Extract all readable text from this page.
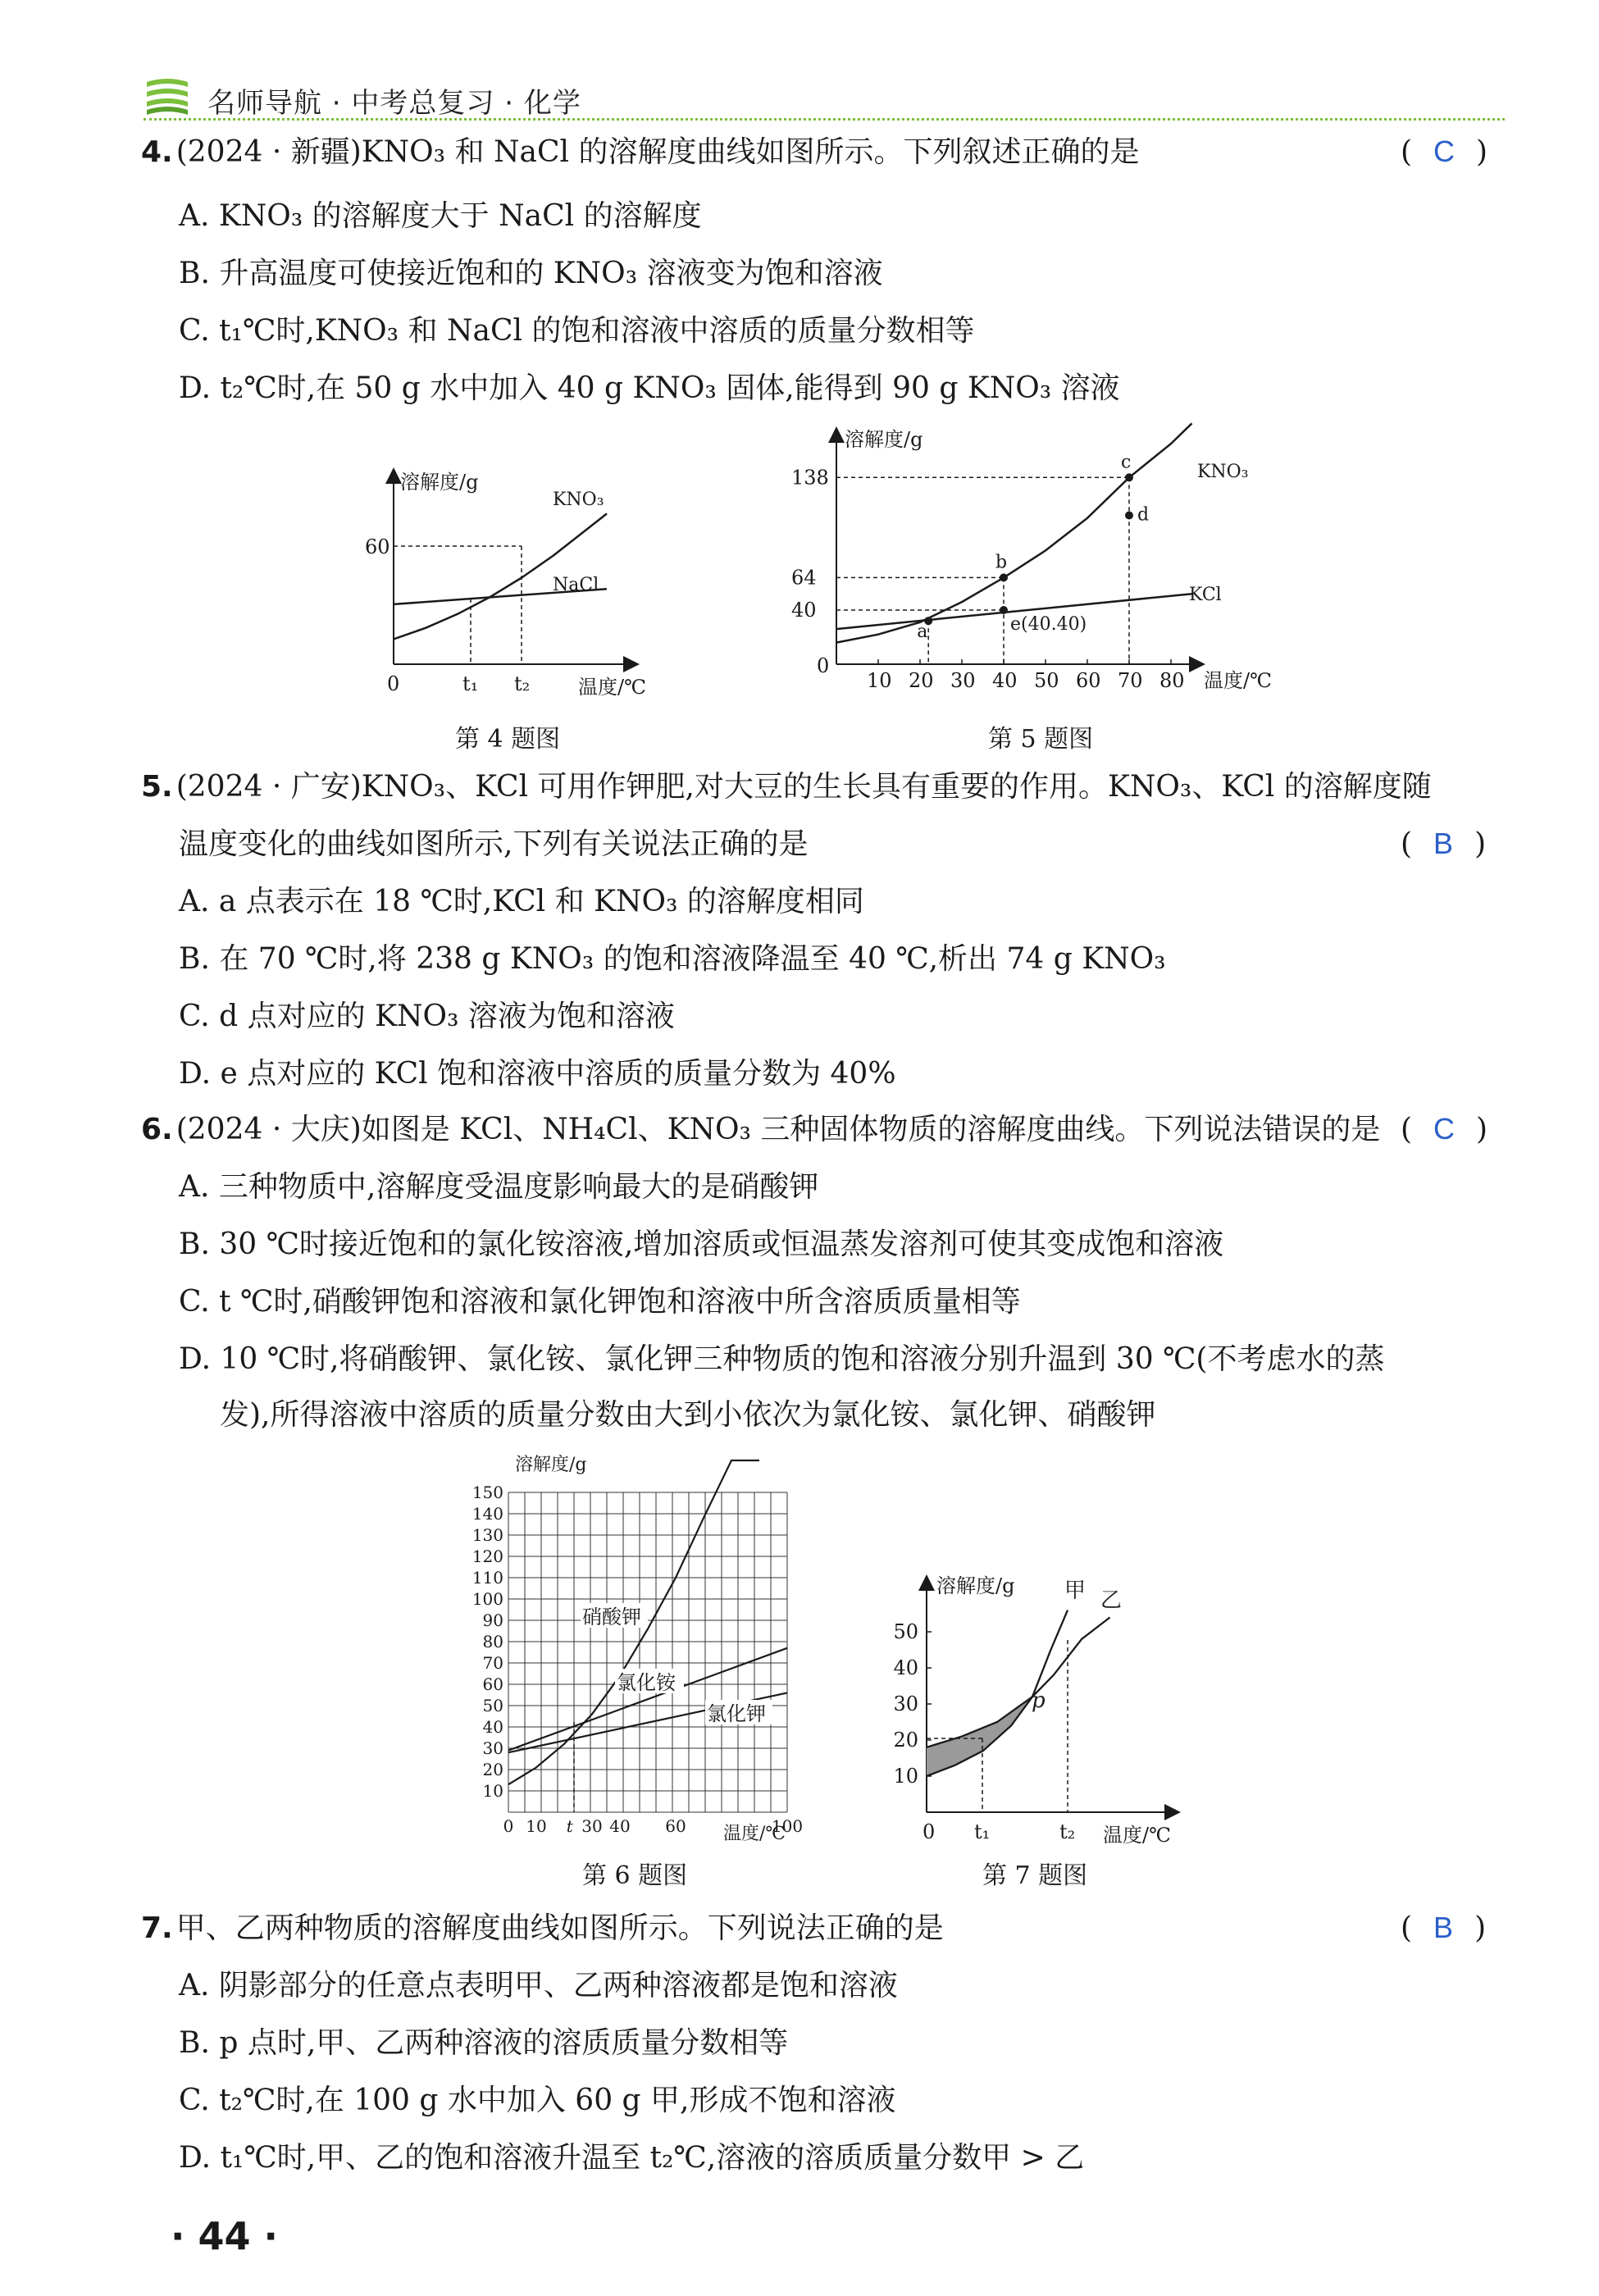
名师导航 · 中考总复习 · 化学
4. (2024 · 新疆)KNO₃ 和 NaCl 的溶解度曲线如图所示。下列叙述正确的是	( C )
A. KNO₃ 的溶解度大于 NaCl 的溶解度
B. 升高温度可使接近饱和的 KNO₃ 溶液变为饱和溶液
C. t₁℃时,KNO₃ 和 NaCl 的饱和溶液中溶质的质量分数相等
D. t₂℃时,在 50 g 水中加入 40 g KNO₃ 固体,能得到 90 g KNO₃ 溶液
溶解度/g
温度/℃
0
60
t₁ t₂
KNO₃
NaCl
第 4 题图
溶解度/g
温度/℃
0
10 20 30 40 50 60 70 80
40
64
138
a
b
c
d
e(40.40)
KNO₃
KCl
第 5 题图
5. (2024 · 广安)KNO₃、KCl 可用作钾肥,对大豆的生长具有重要的作用。KNO₃、KCl 的溶解度随
温度变化的曲线如图所示,下列有关说法正确的是	( B )
A. a 点表示在 18 ℃时,KCl 和 KNO₃ 的溶解度相同
B. 在 70 ℃时,将 238 g KNO₃ 的饱和溶液降温至 40 ℃,析出 74 g KNO₃
C. d 点对应的 KNO₃ 溶液为饱和溶液
D. e 点对应的 KCl 饱和溶液中溶质的质量分数为 40%
6. (2024 · 大庆)如图是 KCl、NH₄Cl、KNO₃ 三种固体物质的溶解度曲线。下列说法错误的是 ( C )
A. 三种物质中,溶解度受温度影响最大的是硝酸钾
B. 30 ℃时接近饱和的氯化铵溶液,增加溶质或恒温蒸发溶剂可使其变成饱和溶液
C. t ℃时,硝酸钾饱和溶液和氯化钾饱和溶液中所含溶质质量相等
D. 10 ℃时,将硝酸钾、氯化铵、氯化钾三种物质的饱和溶液分别升温到 30 ℃(不考虑水的蒸
发),所得溶液中溶质的质量分数由大到小依次为氯化铵、氯化钾、硝酸钾
溶解度/g
10
20
30
40
50
60
70
80
90
100
110
120
130
140
150
0 10 t 30 40 60	100
硝酸钾
氯化铵
氯化钾
温度/℃
第 6 题图
溶解度/g
温度/℃
0
10
20
30
40
50
甲 乙
p
t₁	t₂
第 7 题图
7. 甲、乙两种物质的溶解度曲线如图所示。下列说法正确的是	( B )
A. 阴影部分的任意点表明甲、乙两种溶液都是饱和溶液
B. p 点时,甲、乙两种溶液的溶质质量分数相等
C. t₂℃时,在 100 g 水中加入 60 g 甲,形成不饱和溶液
D. t₁℃时,甲、乙的饱和溶液升温至 t₂℃,溶液的溶质质量分数甲 > 乙
· 44 ·
